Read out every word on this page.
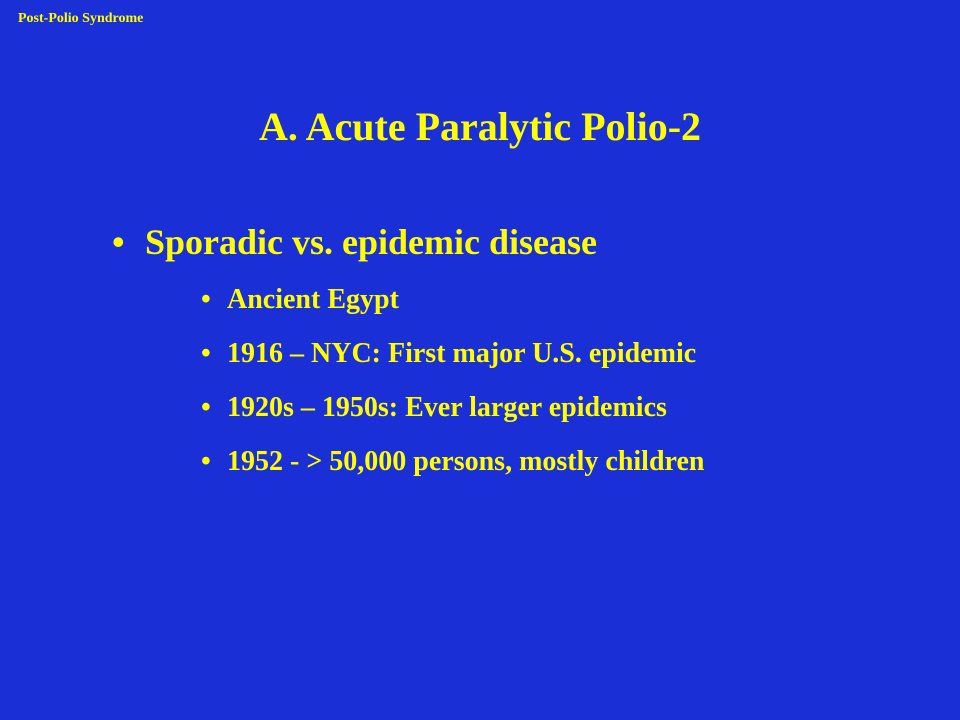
Post-Polio Syndrome
A. Acute Paralytic Polio-2
• Sporadic vs. epidemic disease
• Ancient Egypt
• 1916 – NYC: First major U.S. epidemic
• 1920s – 1950s: Ever larger epidemics
• 1952 - > 50,000 persons, mostly children
